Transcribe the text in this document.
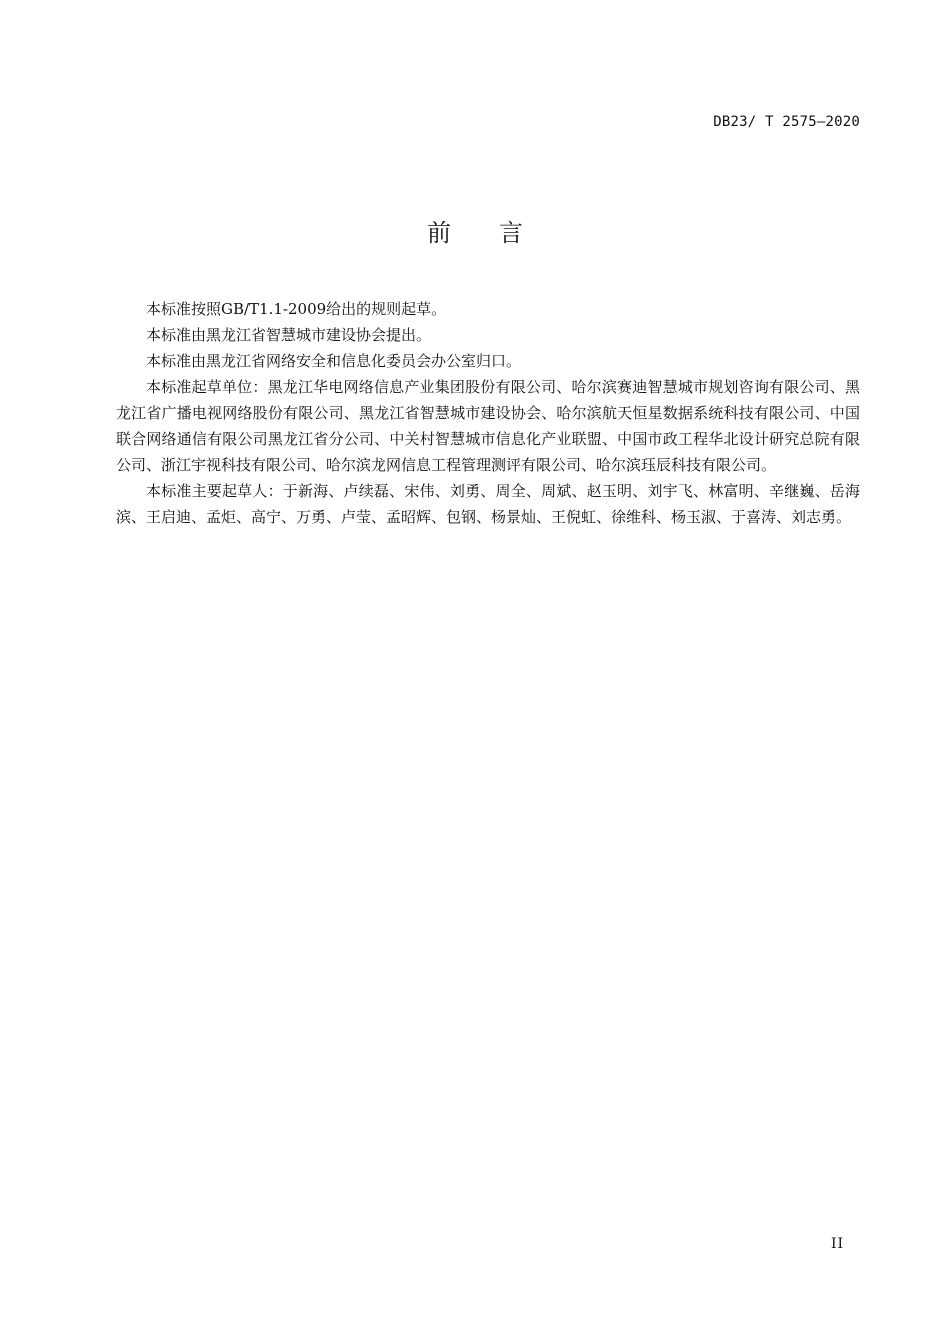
DB23/ T 2575—2020
前言

本标准按照GB/T1.1-2009给出的规则起草。

本标准由黑龙江省智慧城市建设协会提出。

本标准由黑龙江省网络安全和信息化委员会办公室归口。

本标准起草单位：黑龙江华电网络信息产业集团股份有限公司、哈尔滨赛迪智慧城市规划咨询有限公司、黑龙江省广播电视网络股份有限公司、黑龙江省智慧城市建设协会、哈尔滨航天恒星数据系统科技有限公司、中国联合网络通信有限公司黑龙江省分公司、中关村智慧城市信息化产业联盟、中国市政工程华北设计研究总院有限公司、浙江宇视科技有限公司、哈尔滨龙网信息工程管理测评有限公司、哈尔滨珏辰科技有限公司。

本标准主要起草人：于新海、卢续磊、宋伟、刘勇、周全、周斌、赵玉明、刘宇飞、林富明、辛继巍、岳海滨、王启迪、孟炬、高宁、万勇、卢莹、孟昭辉、包钢、杨景灿、王倪虹、徐维科、杨玉淑、于喜涛、刘志勇。

II
